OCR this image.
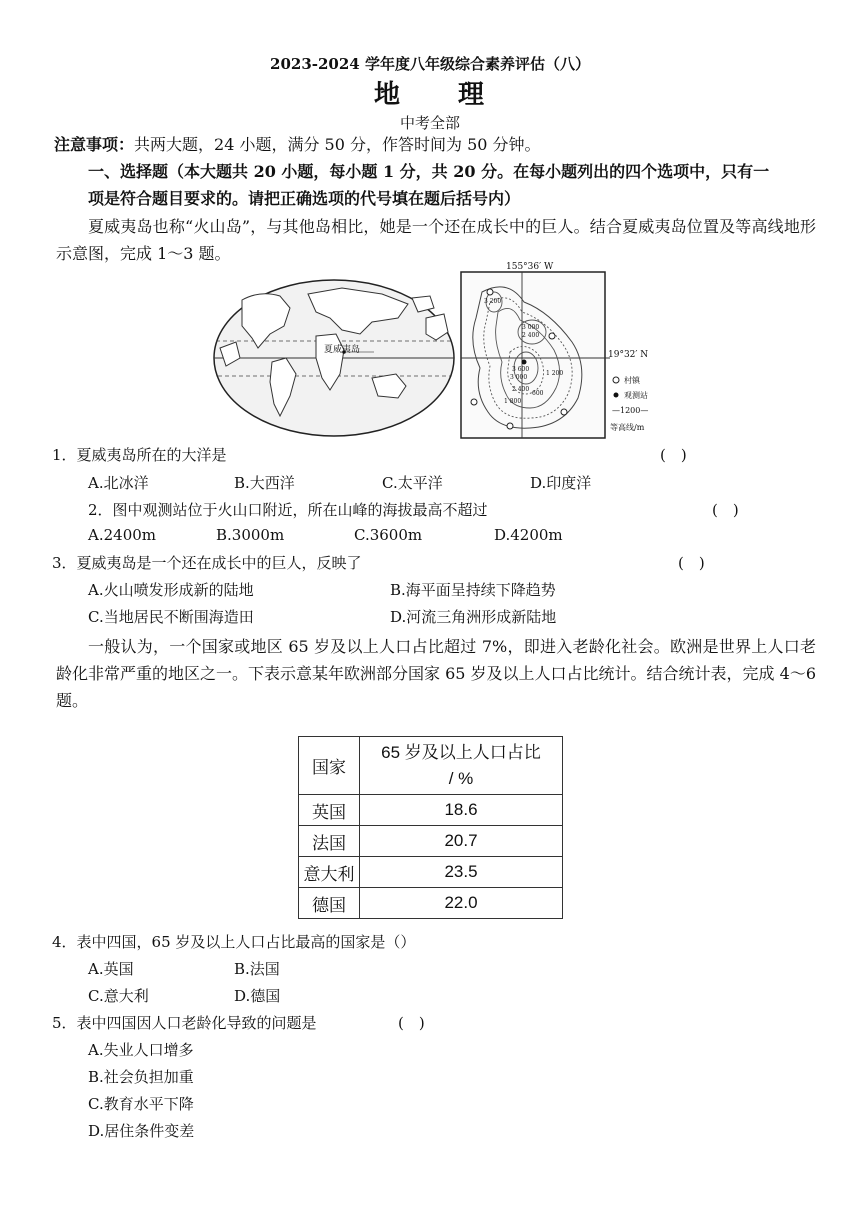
2023-2024 学年度八年级综合素养评估（八）
地　　理
中考全部
注意事项：共两大题，24 小题，满分 50 分，作答时间为 50 分钟。
一、选择题（本大题共 20 小题，每小题 1 分，共 20 分。在每小题列出的四个选项中，只有一
项是符合题目要求的。请把正确选项的代号填在题后括号内）
夏威夷岛也称“火山岛”，与其他岛相比，她是一个还在成长中的巨人。结合夏威夷岛位置及等高线地形示意图，完成 1～3 题。
夏威夷岛
155°36′ W
19°32′ N
3 200
3 000
2 400
3 600
3 000
1 200
2 400
1 800
600
村镇
观测站
—1200—
等高线/m
1．夏威夷岛所在的大洋是	(　)
A.北冰洋	B.大西洋	C.太平洋	D.印度洋
2．图中观测站位于火山口附近，所在山峰的海拔最高不超过	(　)
A.2400m	B.3000m	C.3600m	D.4200m
3．夏威夷岛是一个还在成长中的巨人，反映了	(　)
A.火山喷发形成新的陆地	B.海平面呈持续下降趋势
C.当地居民不断围海造田	D.河流三角洲形成新陆地
一般认为，一个国家或地区 65 岁及以上人口占比超过 7%，即进入老龄化社会。欧洲是世界上人口老龄化非常严重的地区之一。下表示意某年欧洲部分国家 65 岁及以上人口占比统计。结合统计表，完成 4～6 题。
国家	65 岁及以上人口占比
/ %

英国	18.6
法国	20.7
意大利	23.5
德国	22.0
4．表中四国，65 岁及以上人口占比最高的国家是（）
A.英国	B.法国
C.意大利	D.德国
5．表中四国因人口老龄化导致的问题是	(　)
A.失业人口增多
B.社会负担加重
C.教育水平下降
D.居住条件变差
